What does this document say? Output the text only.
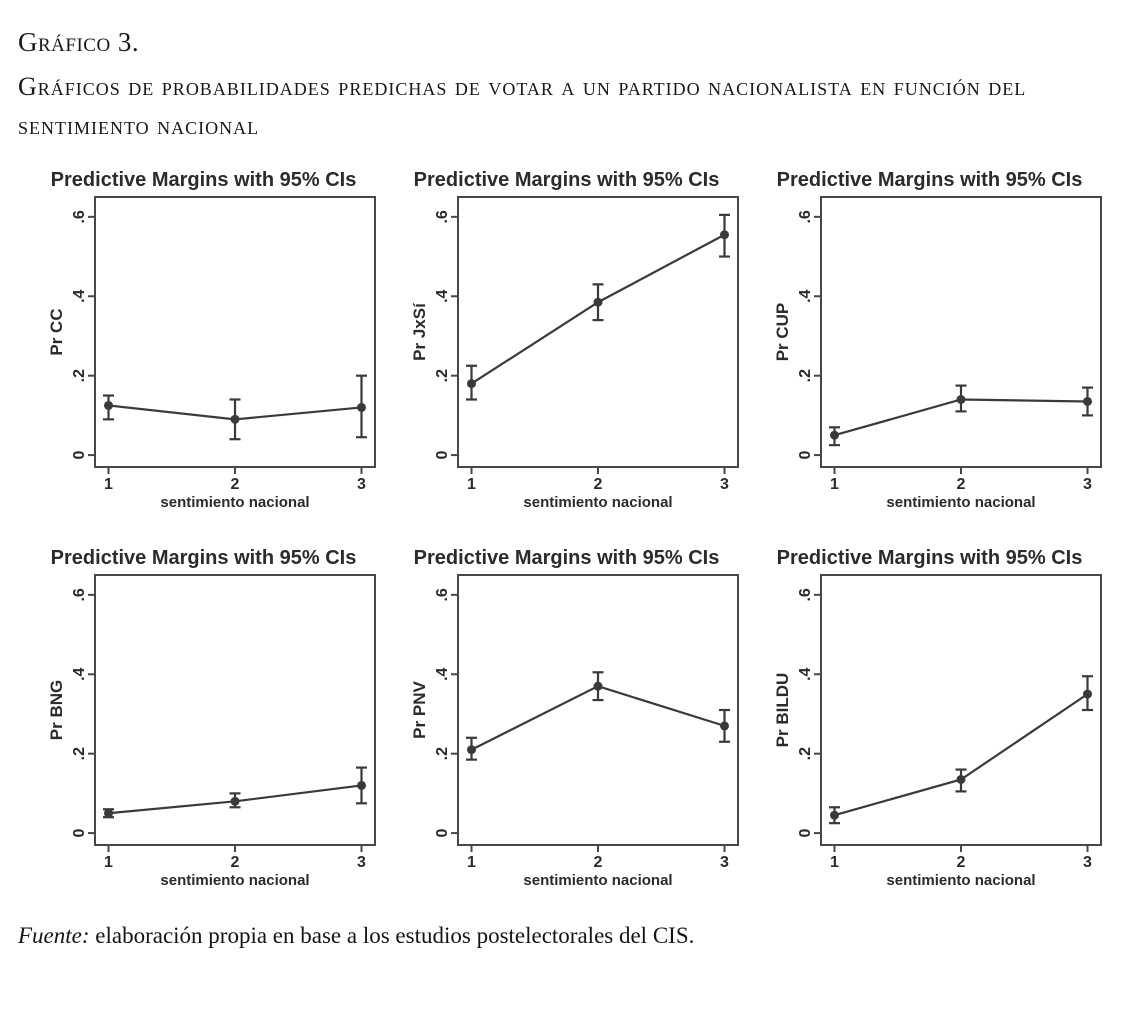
Gráfico 3.
Gráficos de probabilidades predichas de votar a un partido nacionalista en función del sentimiento nacional
Predictive Margins with 95% CIs
0
.2
.4
.6
Pr CC
1	2	3
sentimiento nacional
Predictive Margins with 95% CIs
0
.2
.4
.6
Pr JxSí
1	2	3
sentimiento nacional
Predictive Margins with 95% CIs
0
.2
.4
.6
Pr CUP
1	2	3
sentimiento nacional
Predictive Margins with 95% CIs
0
.2
.4
.6
Pr BNG
1	2	3
sentimiento nacional
Predictive Margins with 95% CIs
0
.2
.4
.6
Pr PNV
1	2	3
sentimiento nacional
Predictive Margins with 95% CIs
0
.2
.4
.6
Pr BILDU
1	2	3
sentimiento nacional
Fuente: elaboración propia en base a los estudios postelectorales del CIS.
